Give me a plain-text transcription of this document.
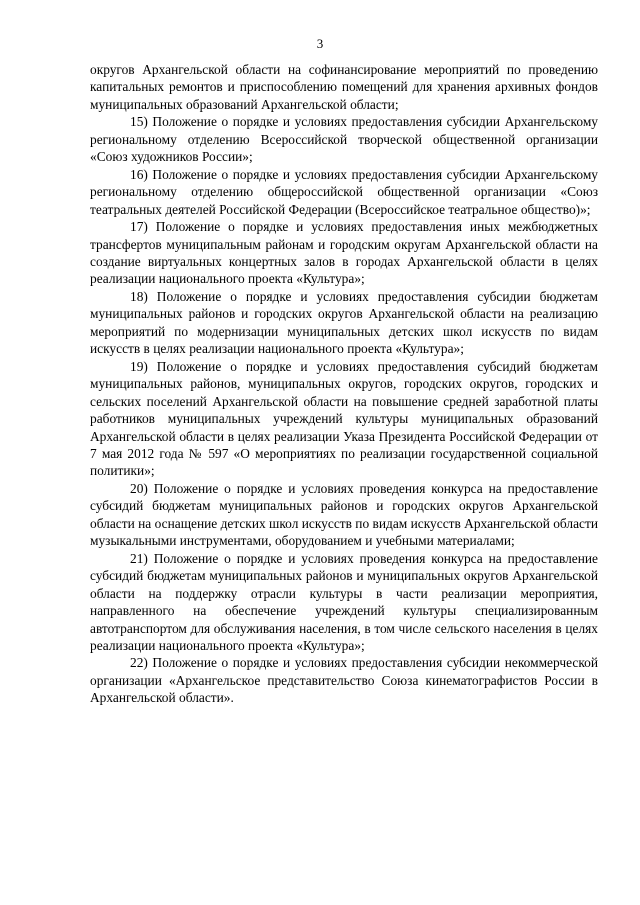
3

округов Архангельской области на софинансирование мероприятий по проведению капитальных ремонтов и приспособлению помещений для хранения архивных фондов муниципальных образований Архангельской области;

15) Положение о порядке и условиях предоставления субсидии Архангельскому региональному отделению Всероссийской творческой общественной организации «Союз художников России»;

16) Положение о порядке и условиях предоставления субсидии Архангельскому региональному отделению общероссийской общественной организации «Союз театральных деятелей Российской Федерации (Всероссийское театральное общество)»;

17) Положение о порядке и условиях предоставления иных межбюджетных трансфертов муниципальным районам и городским округам Архангельской области на создание виртуальных концертных залов в городах Архангельской области в целях реализации национального проекта «Культура»;

18) Положение о порядке и условиях предоставления субсидии бюджетам муниципальных районов и городских округов Архангельской области на реализацию мероприятий по модернизации муниципальных детских школ искусств по видам искусств в целях реализации национального проекта «Культура»;

19) Положение о порядке и условиях предоставления субсидий бюджетам муниципальных районов, муниципальных округов, городских округов, городских и сельских поселений Архангельской области на повышение средней заработной платы работников муниципальных учреждений культуры муниципальных образований Архангельской области в целях реализации Указа Президента Российской Федерации от 7 мая 2012 года № 597 «О мероприятиях по реализации государственной социальной политики»;

20) Положение о порядке и условиях проведения конкурса на предоставление субсидий бюджетам муниципальных районов и городских округов Архангельской области на оснащение детских школ искусств по видам искусств Архангельской области музыкальными инструментами, оборудованием и учебными материалами;

21) Положение о порядке и условиях проведения конкурса на предоставление субсидий бюджетам муниципальных районов и муниципальных округов Архангельской области на поддержку отрасли культуры в части реализации мероприятия, направленного на обеспечение учреждений культуры специализированным автотранспортом для обслуживания населения, в том числе сельского населения в целях реализации национального проекта «Культура»;

22) Положение о порядке и условиях предоставления субсидии некоммерческой организации «Архангельское представительство Союза кинематографистов России в Архангельской области».
